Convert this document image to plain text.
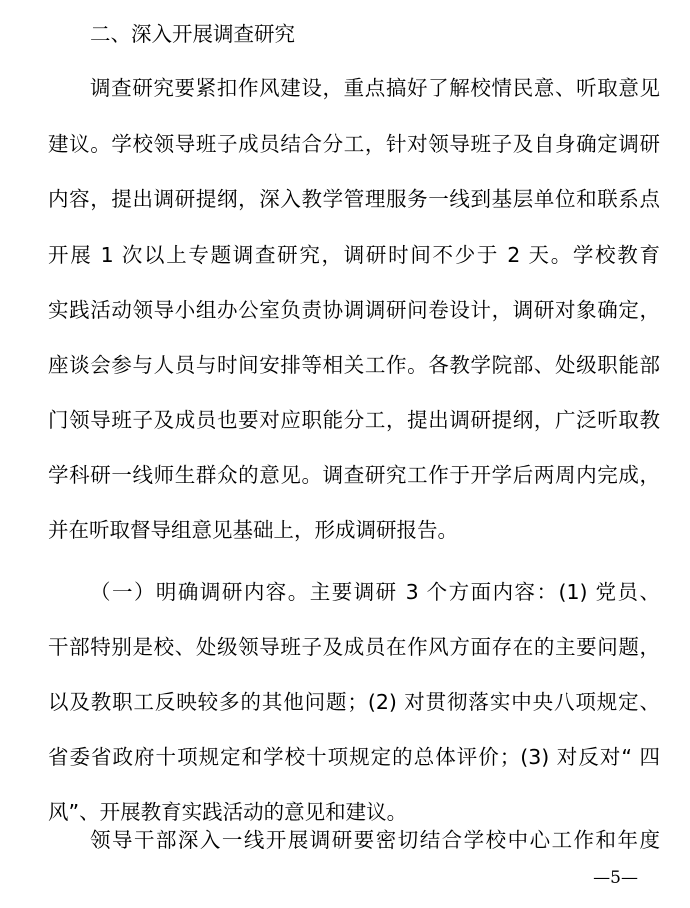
二、深入开展调查研究
调查研究要紧扣作风建设，重点搞好了解校情民意、听取意见
建议。学校领导班子成员结合分工，针对领导班子及自身确定调研
内容，提出调研提纲，深入教学管理服务一线到基层单位和联系点
开展 1 次以上专题调查研究，调研时间不少于 2 天。学校教育
实践活动领导小组办公室负责协调调研问卷设计，调研对象确定，
座谈会参与人员与时间安排等相关工作。各教学院部、处级职能部
门领导班子及成员也要对应职能分工，提出调研提纲，广泛听取教
学科研一线师生群众的意见。调查研究工作于开学后两周内完成，
并在听取督导组意见基础上，形成调研报告。
（一）明确调研内容。主要调研 3 个方面内容：(1) 党员、
干部特别是校、处级领导班子及成员在作风方面存在的主要问题，
以及教职工反映较多的其他问题；(2) 对贯彻落实中央八项规定、
省委省政府十项规定和学校十项规定的总体评价；(3) 对反对“ 四
风”、开展教育实践活动的意见和建议。
领导干部深入一线开展调研要密切结合学校中心工作和年度
—5—
